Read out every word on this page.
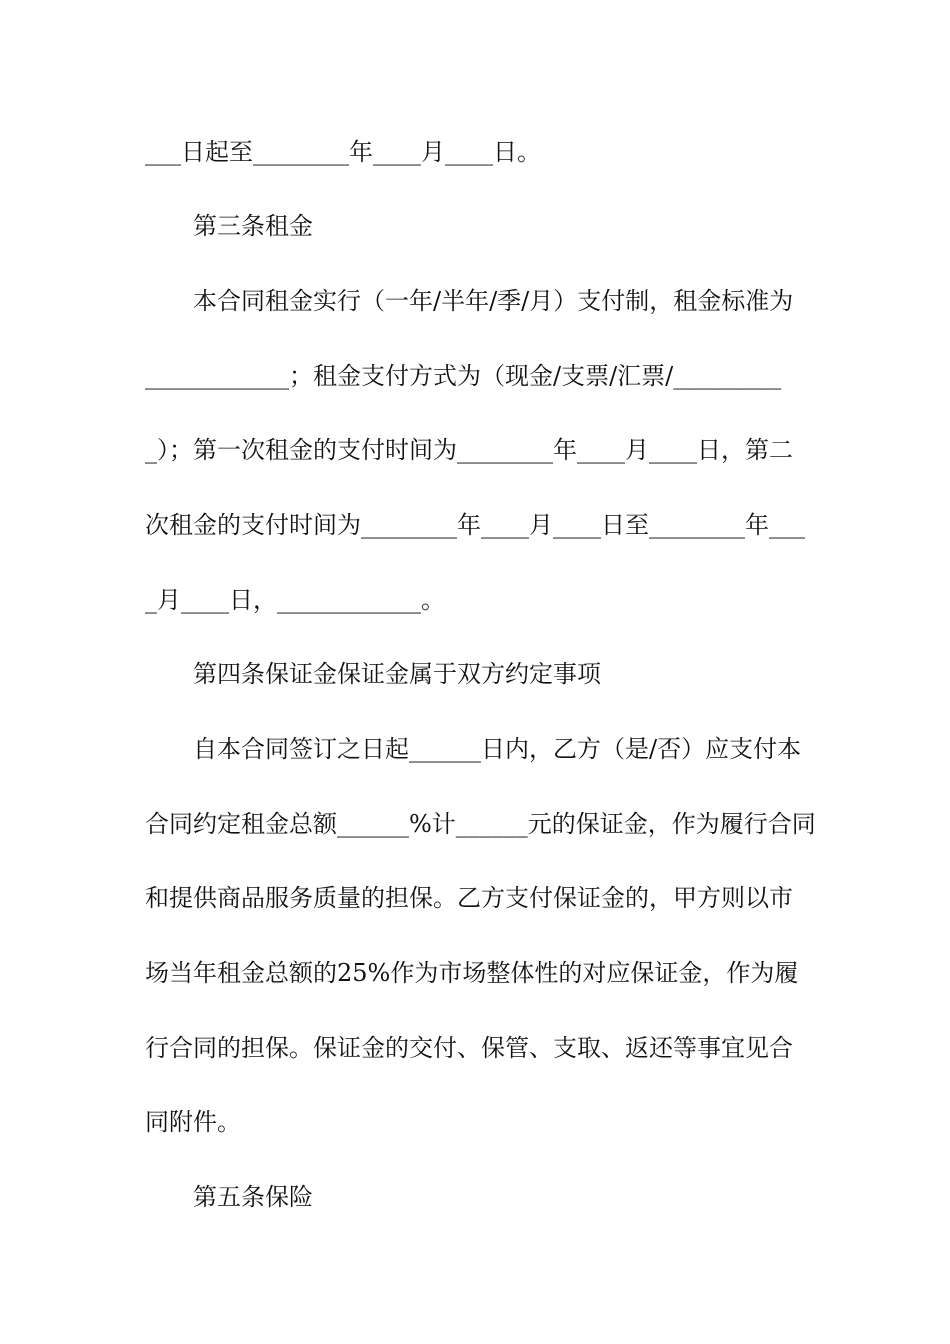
___日起至________年____月____日。
第三条租金
本合同租金实行（一年/半年/季/月）支付制，租金标准为
____________；租金支付方式为（现金/支票/汇票/_________
_）；第一次租金的支付时间为________年____月____日，第二
次租金的支付时间为________年____月____日至________年___
_月____日，____________。
第四条保证金保证金属于双方约定事项
自本合同签订之日起______日内，乙方（是/否）应支付本
合同约定租金总额______%计______元的保证金，作为履行合同
和提供商品服务质量的担保。乙方支付保证金的，甲方则以市
场当年租金总额的25%作为市场整体性的对应保证金，作为履
行合同的担保。保证金的交付、保管、支取、返还等事宜见合
同附件。
第五条保险
